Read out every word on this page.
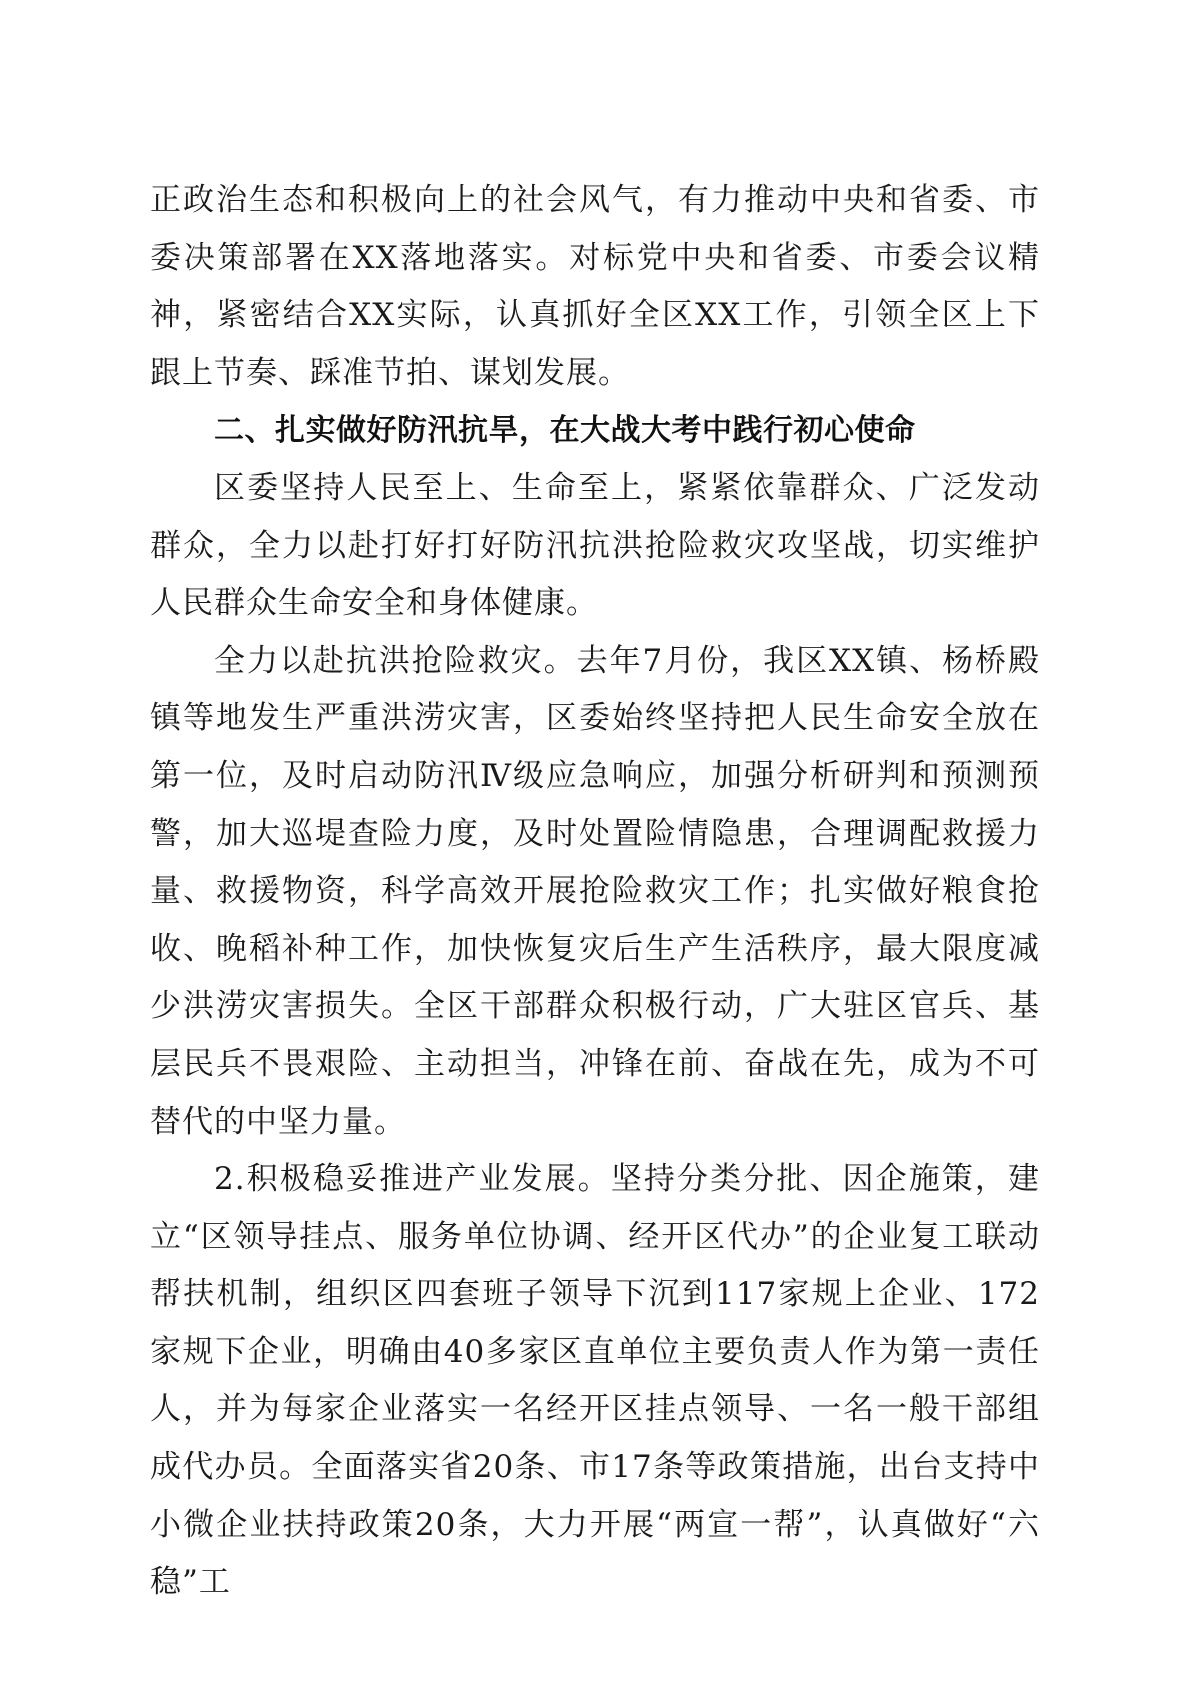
正政治生态和积极向上的社会风气，有力推动中央和省委、市委决策部署在XX落地落实。对标党中央和省委、市委会议精神，紧密结合XX实际，认真抓好全区XX工作，引领全区上下跟上节奏、踩准节拍、谋划发展。

二、扎实做好防汛抗旱，在大战大考中践行初心使命

区委坚持人民至上、生命至上，紧紧依靠群众、广泛发动群众，全力以赴打好打好防汛抗洪抢险救灾攻坚战，切实维护人民群众生命安全和身体健康。

全力以赴抗洪抢险救灾。去年7月份，我区XX镇、杨桥殿镇等地发生严重洪涝灾害，区委始终坚持把人民生命安全放在第一位，及时启动防汛Ⅳ级应急响应，加强分析研判和预测预警，加大巡堤查险力度，及时处置险情隐患，合理调配救援力量、救援物资，科学高效开展抢险救灾工作；扎实做好粮食抢收、晚稻补种工作，加快恢复灾后生产生活秩序，最大限度减少洪涝灾害损失。全区干部群众积极行动，广大驻区官兵、基层民兵不畏艰险、主动担当，冲锋在前、奋战在先，成为不可替代的中坚力量。

2.积极稳妥推进产业发展。坚持分类分批、因企施策，建立“区领导挂点、服务单位协调、经开区代办”的企业复工联动帮扶机制，组织区四套班子领导下沉到117家规上企业、172家规下企业，明确由40多家区直单位主要负责人作为第一责任人，并为每家企业落实一名经开区挂点领导、一名一般干部组成代办员。全面落实省20条、市17条等政策措施，出台支持中小微企业扶持政策20条，大力开展“两宣一帮”，认真做好“六稳”工
